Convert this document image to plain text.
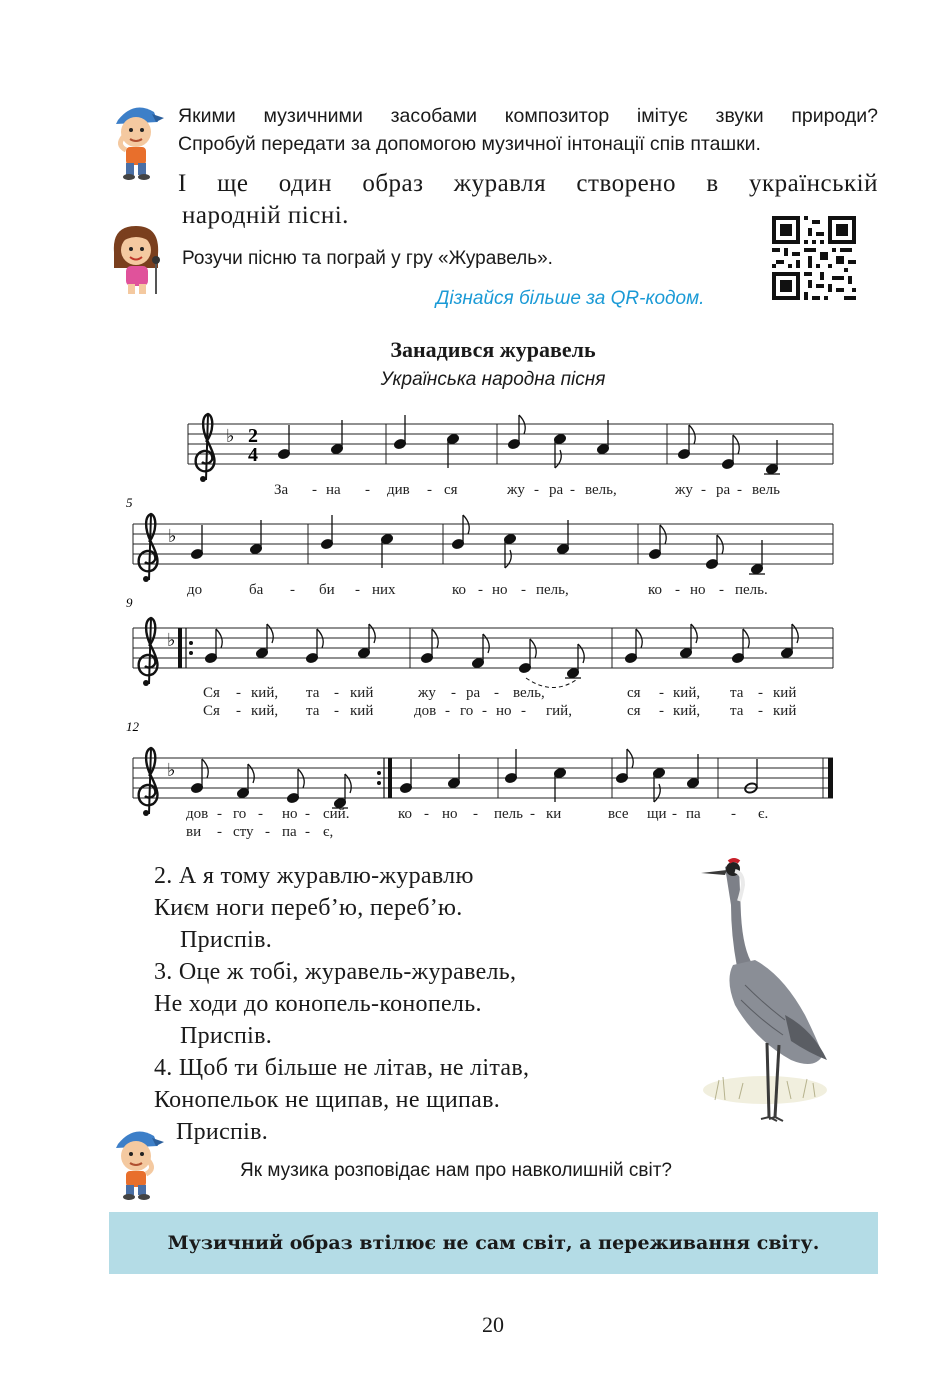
Якими музичними засобами композитор імітує звуки природи?
Спробуй передати за допомогою музичної інтонації спів пташки.
І ще один образ журавля створено в українській
народній пісні.
Розучи пісню та пограй у гру «Журавель».
Дізнайся більше за QR-кодом.
Занадився журавель
Українська народна пісня
♭ 2
4
За - на - див - ся	жу - ра - вель,	жу - ра - вель
5
♭
до	ба - би - них	ко - но - пель,	ко - но - пель.
9
♭
Ся - кий, та - кий	жу - ра - вель,	ся - кий, та - кий
Ся - кий, та - кий	дов - го - но - гий,	ся - кий, та - кий
12
♭
дов - го - но - сий.	ко - но - пель - ки	все щи - па - є.
ви - сту - па - є,
2. А я тому журавлю-журавлю
Києм ноги переб’ю, переб’ю.
Приспів.
3. Оце ж тобі, журавель-журавель,
Не ходи до конопель-конопель.
Приспів.
4. Щоб ти більше не літав, не літав,
Конопельок не щипав, не щипав.
Приспів.
Як музика розповідає нам про навколишній світ?
Музичний образ втілює не сам світ, а переживання світу.
20
